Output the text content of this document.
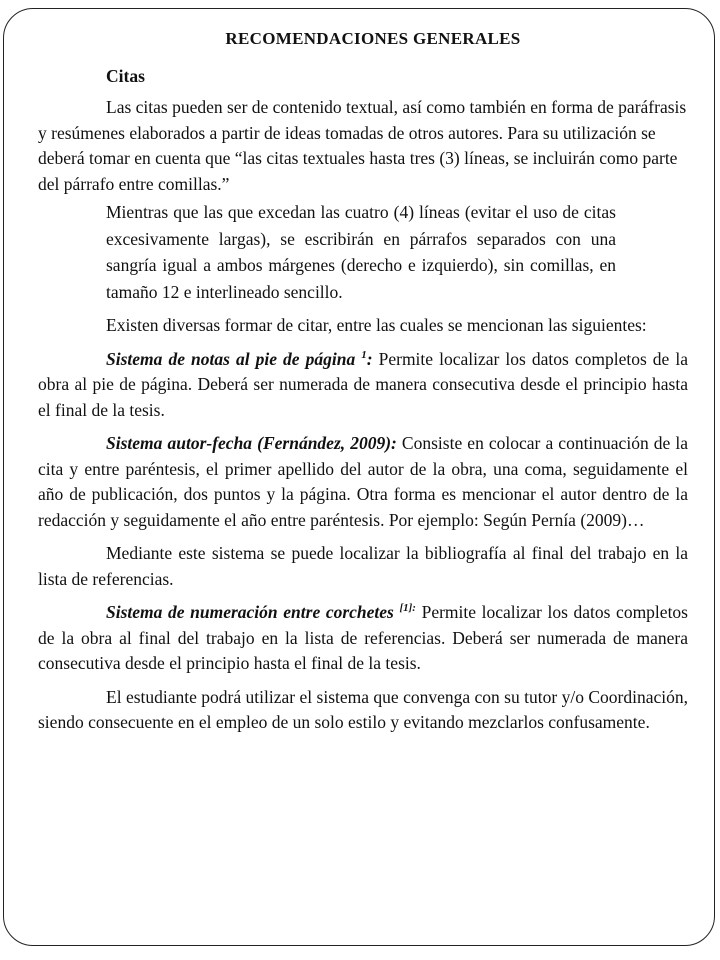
RECOMENDACIONES GENERALES
Citas

Las citas pueden ser de contenido textual, así como también en forma de paráfrasis y resúmenes elaborados a partir de ideas tomadas de otros autores. Para su utilización se deberá tomar en cuenta que “las citas textuales hasta tres (3) líneas, se incluirán como parte del párrafo entre comillas.”

Mientras que las que excedan las cuatro (4) líneas (evitar el uso de citas excesivamente largas), se escribirán en párrafos separados con una sangría igual a ambos márgenes (derecho e izquierdo), sin comillas, en tamaño 12 e interlineado sencillo.

Existen diversas formar de citar, entre las cuales se mencionan las siguientes:

Sistema de notas al pie de página $^1$: Permite localizar los datos completos de la obra al pie de página. Deberá ser numerada de manera consecutiva desde el principio hasta el final de la tesis.

Sistema autor-fecha (Fernández, 2009): Consiste en colocar a continuación de la cita y entre paréntesis, el primer apellido del autor de la obra, una coma, seguidamente el año de publicación, dos puntos y la página. Otra forma es mencionar el autor dentro de la redacción y seguidamente el año entre paréntesis. Por ejemplo: Según Pernía (2009)…

Mediante este sistema se puede localizar la bibliografía al final del trabajo en la lista de referencias.

Sistema de numeración entre corchetes $^{[1]:}$ Permite localizar los datos completos de la obra al final del trabajo en la lista de referencias. Deberá ser numerada de manera consecutiva desde el principio hasta el final de la tesis.

El estudiante podrá utilizar el sistema que convenga con su tutor y/o Coordinación, siendo consecuente en el empleo de un solo estilo y evitando mezclarlos confusamente.
